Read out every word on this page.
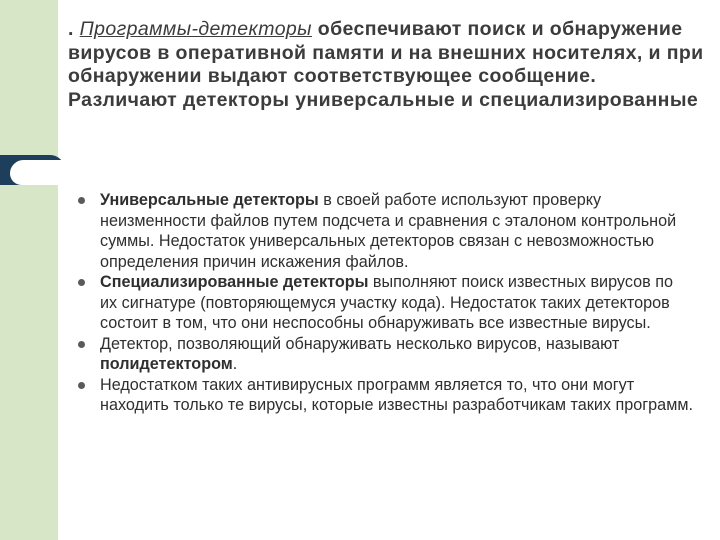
. Программы-детекторы обеспечивают поиск и обнаружение вирусов в оперативной памяти и на внешних носителях, и при обнаружении выдают соответствующее сообщение. Различают детекторы универсальные и специализированные

Универсальные детекторы в своей работе используют проверку неизменности файлов путем подсчета и сравнения с эталоном контрольной суммы. Недостаток универсальных детекторов связан с невозможностью определения причин искажения файлов.
Специализированные детекторы выполняют поиск известных вирусов по их сигнатуре (повторяющемуся участку кода). Недостаток таких детекторов состоит в том, что они неспособны обнаруживать все известные вирусы.
Детектор, позволяющий обнаруживать несколько вирусов, называют полидетектором.
Недостатком таких антивирусных программ является то, что они могут находить только те вирусы, которые известны разработчикам таких программ.
